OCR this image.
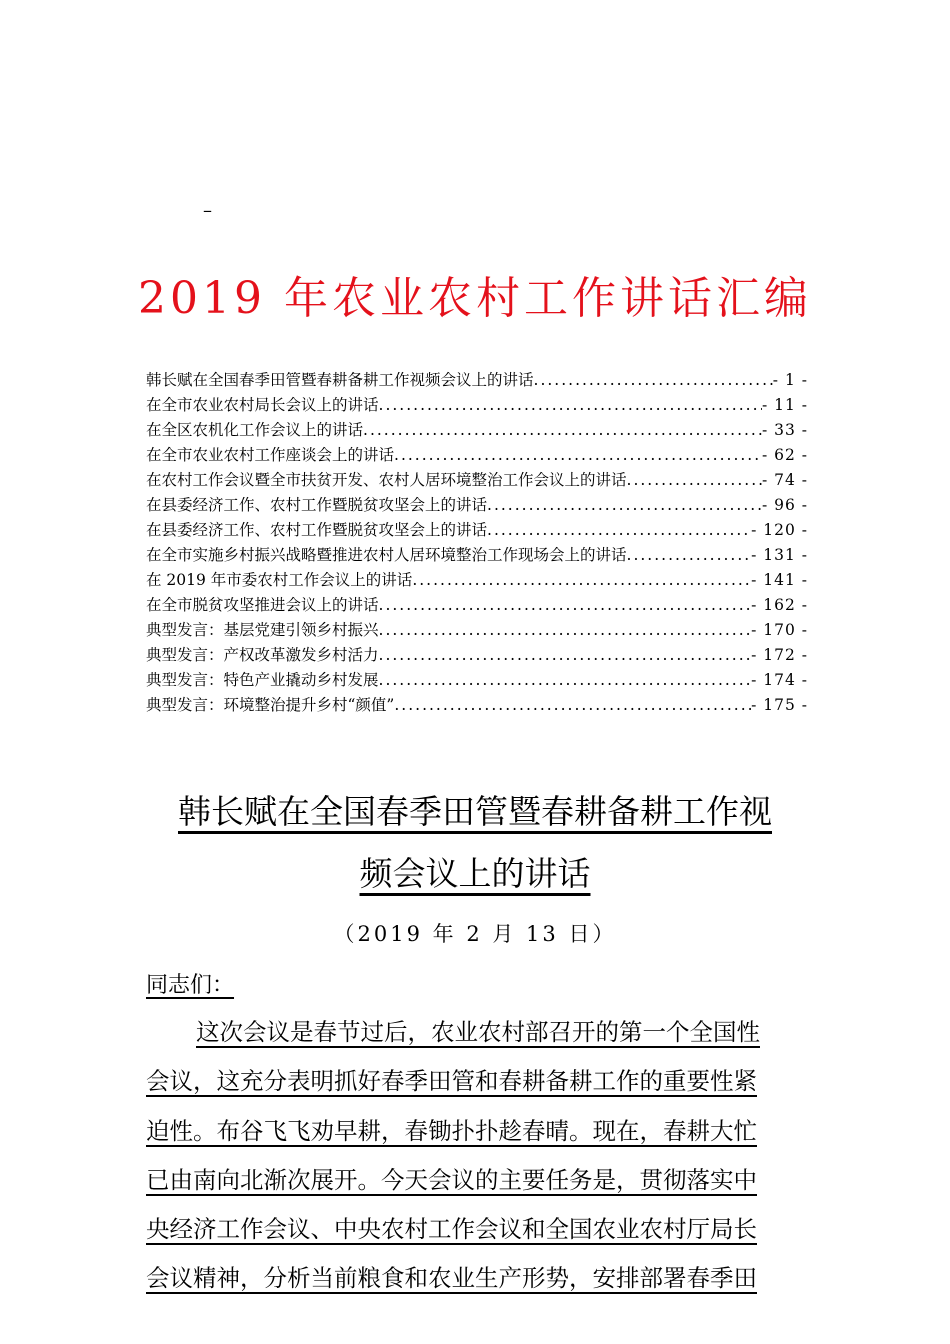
–
2019 年农业农村工作讲话汇编
韩长赋在全国春季田管暨春耕备耕工作视频会议上的讲话 .....	- 1 -
在全市农业农村局长会议上的讲话 .....	- 11 -
在全区农机化工作会议上的讲话 .....	- 33 -
在全市农业农村工作座谈会上的讲话 .....	- 62 -
在农村工作会议暨全市扶贫开发、农村人居环境整治工作会议上的讲话 .....	- 74 -
在县委经济工作、农村工作暨脱贫攻坚会上的讲话 .....	- 96 -
在县委经济工作、农村工作暨脱贫攻坚会上的讲话 .....	- 120 -
在全市实施乡村振兴战略暨推进农村人居环境整治工作现场会上的讲话 .....	- 131 -
在 2019 年市委农村工作会议上的讲话 .....	- 141 -
在全市脱贫攻坚推进会议上的讲话 .....	- 162 -
典型发言：基层党建引领乡村振兴 .....	- 170 -
典型发言：产权改革激发乡村活力 .....	- 172 -
典型发言：特色产业撬动乡村发展 .....	- 174 -
典型发言：环境整治提升乡村“颜值” .....	- 175 -
韩长赋在全国春季田管暨春耕备耕工作视
频会议上的讲话
（2019 年 2 月 13 日）
同志们：
这次会议是春节过后，农业农村部召开的第一个全国性
会议，这充分表明抓好春季田管和春耕备耕工作的重要性紧
迫性。布谷飞飞劝早耕，春锄扑扑趁春晴。现在，春耕大忙
已由南向北渐次展开。今天会议的主要任务是，贯彻落实中
央经济工作会议、中央农村工作会议和全国农业农村厅局长
会议精神，分析当前粮食和农业生产形势，安排部署春季田
